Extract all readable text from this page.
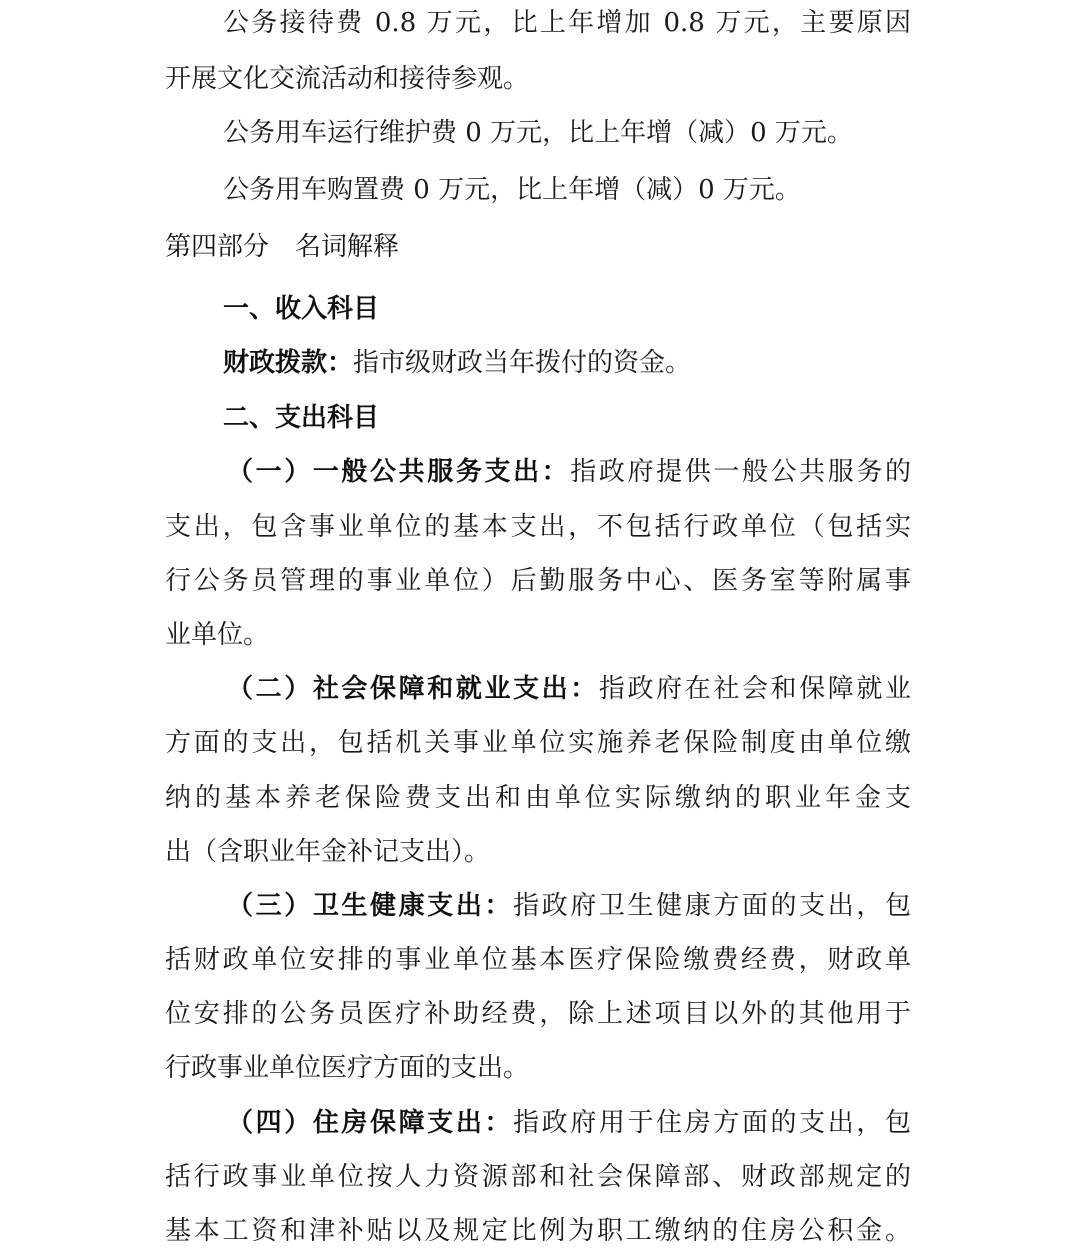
公务接待费 0.8 万元，比上年增加 0.8 万元，主要原因
开展文化交流活动和接待参观。
公务用车运行维护费 0 万元，比上年增（减）0 万元。
公务用车购置费 0 万元，比上年增（减）0 万元。
第四部分　名词解释
一、收入科目
财政拨款：指市级财政当年拨付的资金。
二、支出科目
（一）一般公共服务支出：指政府提供一般公共服务的
支出，包含事业单位的基本支出，不包括行政单位（包括实
行公务员管理的事业单位）后勤服务中心、医务室等附属事
业单位。
（二）社会保障和就业支出：指政府在社会和保障就业
方面的支出，包括机关事业单位实施养老保险制度由单位缴
纳的基本养老保险费支出和由单位实际缴纳的职业年金支
出（含职业年金补记支出）。
（三）卫生健康支出：指政府卫生健康方面的支出，包
括财政单位安排的事业单位基本医疗保险缴费经费，财政单
位安排的公务员医疗补助经费，除上述项目以外的其他用于
行政事业单位医疗方面的支出。
（四）住房保障支出：指政府用于住房方面的支出，包
括行政事业单位按人力资源部和社会保障部、财政部规定的
基本工资和津补贴以及规定比例为职工缴纳的住房公积金。
